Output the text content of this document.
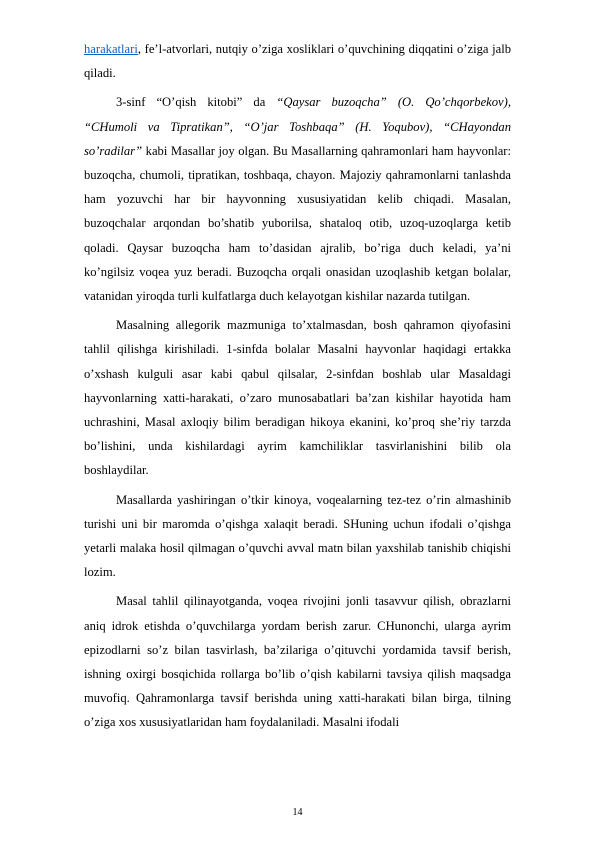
harakatlari, fe’l-atvorlari, nutqiy o’ziga xosliklari o’quvchining diqqatini o’ziga jalb qiladi.

3-sinf “O’qish kitobi” da “Qaysar buzoqcha” (O. Qo’chqorbekov), “CHumoli va Tipratikan”, “O’jar Toshbaqa” (H. Yoqubov), “CHayondan so’radilar” kabi Masallar joy olgan. Bu Masallarning qahramonlari ham hayvonlar: buzoqcha, chumoli, tipratikan, toshbaqa, chayon. Majoziy qahramonlarni tanlashda ham yozuvchi har bir hayvonning xususiyatidan kelib chiqadi. Masalan, buzoqchalar arqondan bo’shatib yuborilsa, shataloq otib, uzoq-uzoqlarga ketib qoladi. Qaysar buzoqcha ham to’dasidan ajralib, bo’riga duch keladi, ya’ni ko’ngilsiz voqea yuz beradi. Buzoqcha orqali onasidan uzoqlashib ketgan bolalar, vatanidan yiroqda turli kulfatlarga duch kelayotgan kishilar nazarda tutilgan.

Masalning allegorik mazmuniga to’xtalmasdan, bosh qahramon qiyofasini tahlil qilishga kirishiladi. 1-sinfda bolalar Masalni hayvonlar haqidagi ertakka o’xshash kulguli asar kabi qabul qilsalar, 2-sinfdan boshlab ular Masaldagi hayvonlarning xatti-harakati, o’zaro munosabatlari ba’zan kishilar hayotida ham uchrashini, Masal axloqiy bilim beradigan hikoya ekanini, ko’proq she’riy tarzda bo’lishini, unda kishilardagi ayrim kamchiliklar tasvirlanishini bilib ola boshlaydilar.

Masallarda yashiringan o’tkir kinoya, voqealarning tez-tez o’rin almashinib turishi uni bir maromda o’qishga xalaqit beradi. SHuning uchun ifodali o’qishga yetarli malaka hosil qilmagan o’quvchi avval matn bilan yaxshilab tanishib chiqishi lozim.

Masal tahlil qilinayotganda, voqea rivojini jonli tasavvur qilish, obrazlarni aniq idrok etishda o’quvchilarga yordam berish zarur. CHunonchi, ularga ayrim epizodlarni so’z bilan tasvirlash, ba’zilariga o’qituvchi yordamida tavsif berish, ishning oxirgi bosqichida rollarga bo’lib o’qish kabilarni tavsiya qilish maqsadga muvofiq. Qahramonlarga tavsif berishda uning xatti-harakati bilan birga, tilning o’ziga xos xususiyatlaridan ham foydalaniladi. Masalni ifodali

14
